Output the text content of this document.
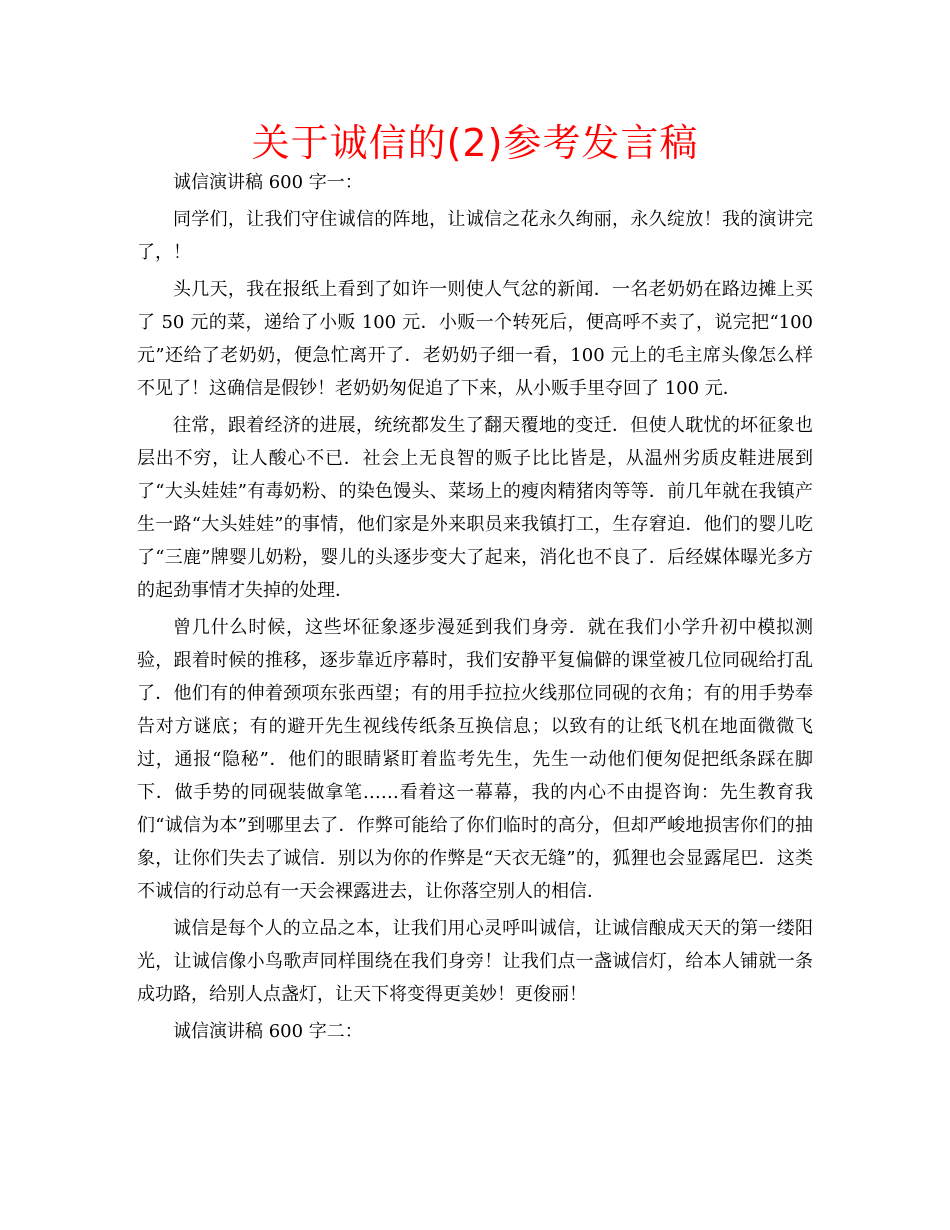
关于诚信的(2)参考发言稿

诚信演讲稿 600 字一：

同学们，让我们守住诚信的阵地，让诚信之花永久绚丽，永久绽放！我的演讲完了，！

头几天，我在报纸上看到了如许一则使人气忿的新闻．一名老奶奶在路边摊上买了 50 元的菜，递给了小贩 100 元．小贩一个转死后，便高呼不卖了，说完把“100 元”还给了老奶奶，便急忙离开了．老奶奶子细一看，100 元上的毛主席头像怎么样不见了！这确信是假钞！老奶奶匆促追了下来，从小贩手里夺回了 100 元．

往常，跟着经济的进展，统统都发生了翻天覆地的变迁．但使人耽忧的坏征象也层出不穷，让人酸心不已．社会上无良智的贩子比比皆是，从温州劣质皮鞋进展到了“大头娃娃”有毒奶粉、的染色馒头、菜场上的瘦肉精猪肉等等．前几年就在我镇产生一路“大头娃娃”的事情，他们家是外来职员来我镇打工，生存窘迫．他们的婴儿吃了“三鹿”牌婴儿奶粉，婴儿的头逐步变大了起来，消化也不良了．后经媒体曝光多方的起劲事情才失掉的处理．

曾几什么时候，这些坏征象逐步漫延到我们身旁．就在我们小学升初中模拟测验，跟着时候的推移，逐步靠近序幕时，我们安静平复偏僻的课堂被几位同砚给打乱了．他们有的伸着颈项东张西望；有的用手拉拉火线那位同砚的衣角；有的用手势奉告对方谜底；有的避开先生视线传纸条互换信息；以致有的让纸飞机在地面微微飞过，通报“隐秘”．他们的眼睛紧盯着监考先生，先生一动他们便匆促把纸条踩在脚下．做手势的同砚装做拿笔……看着这一幕幕，我的内心不由提咨询：先生教育我们“诚信为本”到哪里去了．作弊可能给了你们临时的高分，但却严峻地损害你们的抽象，让你们失去了诚信．别以为你的作弊是“天衣无缝”的，狐狸也会显露尾巴．这类不诚信的行动总有一天会裸露进去，让你落空别人的相信．

诚信是每个人的立品之本，让我们用心灵呼叫诚信，让诚信酿成天天的第一缕阳光，让诚信像小鸟歌声同样围绕在我们身旁！让我们点一盏诚信灯，给本人铺就一条成功路，给别人点盏灯，让天下将变得更美妙！更俊丽！

诚信演讲稿 600 字二：
